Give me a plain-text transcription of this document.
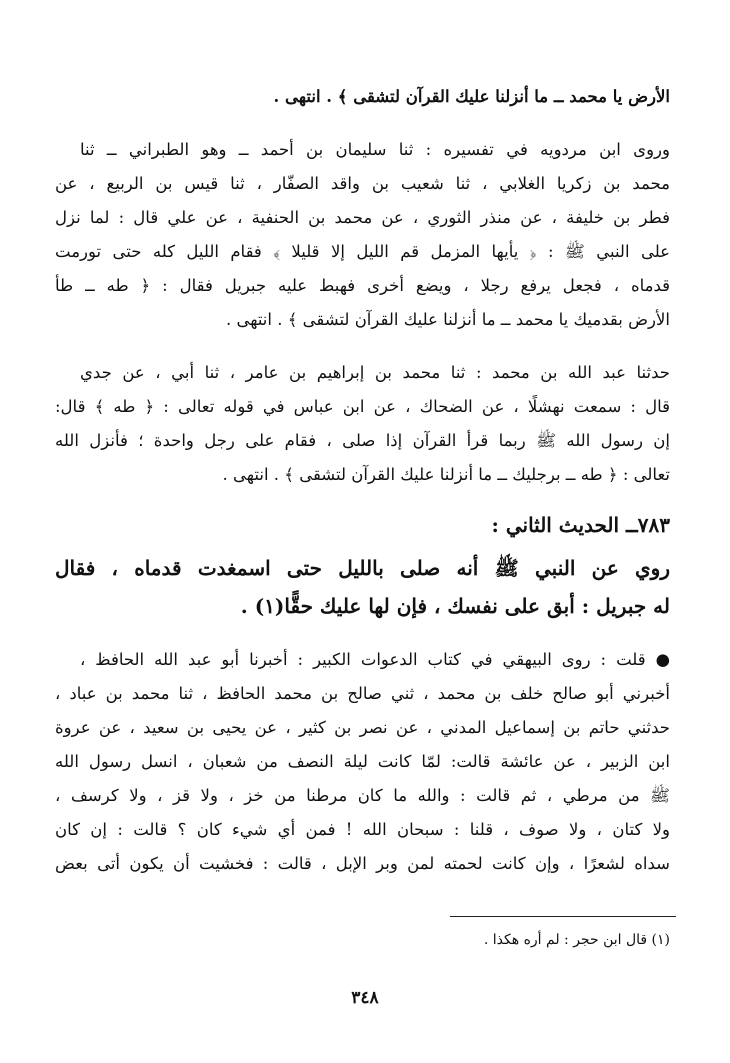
الأرض يا محمد ــ ما أنزلنا عليك القرآن لتشقى ﴾ . انتهى .
وروى ابن مردويه في تفسيره : ثنا سليمان بن أحمد ــ وهو الطبراني ــ ثنا
محمد بن زكريا الغلابي ، ثنا شعيب بن واقد الصفّار ، ثنا قيس بن الربيع ، عن
فطر بن خليفة ، عن منذر الثوري ، عن محمد بن الحنفية ، عن علي قال : لما نزل
على النبي ﷺ : ﴿ يأيها المزمل قم الليل إلا قليلا ﴾ فقام الليل كله حتى تورمت
قدماه ، فجعل يرفع رجلا ، ويضع أخرى فهبط عليه جبريل فقال : ﴿ طه ــ طأ
الأرض بقدميك يا محمد ــ ما أنزلنا عليك القرآن لتشقى ﴾ . انتهى .
حدثنا عبد الله بن محمد : ثنا محمد بن إبراهيم بن عامر ، ثنا أبي ، عن جدي
قال : سمعت نهشلًا ، عن الضحاك ، عن ابن عباس في قوله تعالى : ﴿ طه ﴾ قال:
إن رسول الله ﷺ ربما قرأ القرآن إذا صلى ، فقام على رجل واحدة ؛ فأنزل الله
تعالى : ﴿ طه ــ برجليك ــ ما أنزلنا عليك القرآن لتشقى ﴾ . انتهى .
٧٨٣ــ الحديث الثاني :
روي عن النبي ﷺ أنه صلى بالليل حتى اسمغدت قدماه ، فقال
له جبريل : أبق على نفسك ، فإن لها عليك حقًّا(١) .
● قلت : روى البيهقي في كتاب الدعوات الكبير : أخبرنا أبو عبد الله الحافظ ،
أخبرني أبو صالح خلف بن محمد ، ثني صالح بن محمد الحافظ ، ثنا محمد بن عباد ،
حدثني حاتم بن إسماعيل المدني ، عن نصر بن كثير ، عن يحيى بن سعيد ، عن عروة
ابن الزبير ، عن عائشة قالت: لمّا كانت ليلة النصف من شعبان ، انسل رسول الله
ﷺ من مرطي ، ثم قالت : والله ما كان مرطنا من خز ، ولا قز ، ولا كرسف ،
ولا كتان ، ولا صوف ، قلنا : سبحان الله ! فمن أي شيء كان ؟ قالت : إن كان
سداه لشعرًا ، وإن كانت لحمته لمن وبر الإبل ، قالت : فخشيت أن يكون أتى بعض
(١) قال ابن حجر : لم أره هكذا .
٣٤٨
